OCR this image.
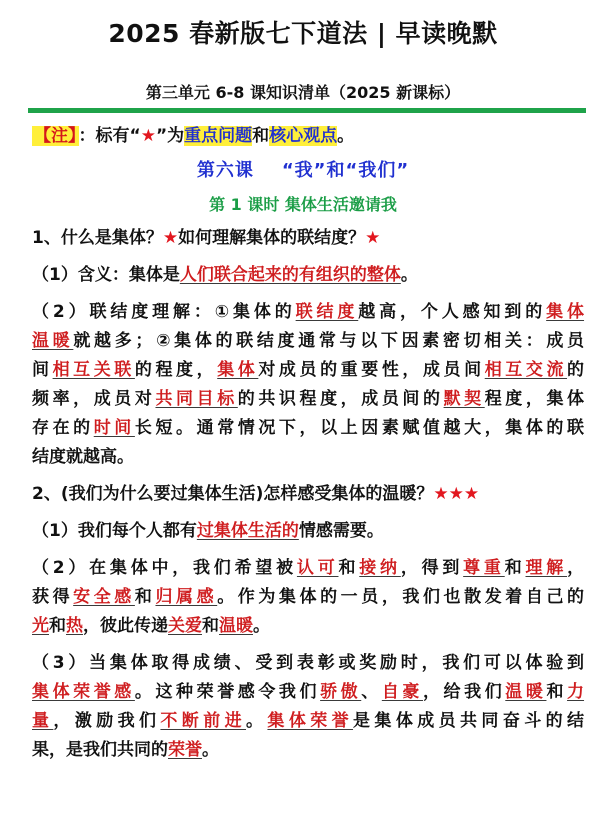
2025 春新版七下道法 | 早读晚默
第三单元 6-8 课知识清单（2025 新课标）
【注】 ：标有“★”为重点问题和核心观点。
第六课 “我”和“我们”
第 1 课时 集体生活邀请我
1、什么是集体？★如何理解集体的联结度？★
（1）含义：集体是人们联合起来的有组织的整体。
（2）联结度理解：①集体的联结度越高，个人感知到的集体
温暖就越多；②集体的联结度通常与以下因素密切相关：成员
间相互关联的程度，集体对成员的重要性，成员间相互交流的
频率，成员对共同目标的共识程度，成员间的默契程度，集体
存在的时间长短。通常情况下，以上因素赋值越大，集体的联
结度就越高。
2、(我们为什么要过集体生活)怎样感受集体的温暖？★★★
（1）我们每个人都有过集体生活的情感需要。
（2）在集体中，我们希望被认可和接纳，得到尊重和理解，
获得安全感和归属感。作为集体的一员，我们也散发着自己的
光和热，彼此传递关爱和温暖。
（3）当集体取得成绩、受到表彰或奖励时，我们可以体验到
集体荣誉感。这种荣誉感令我们骄傲、自豪，给我们温暖和力
量，激励我们不断前进。集体荣誉是集体成员共同奋斗的结
果，是我们共同的荣誉。
